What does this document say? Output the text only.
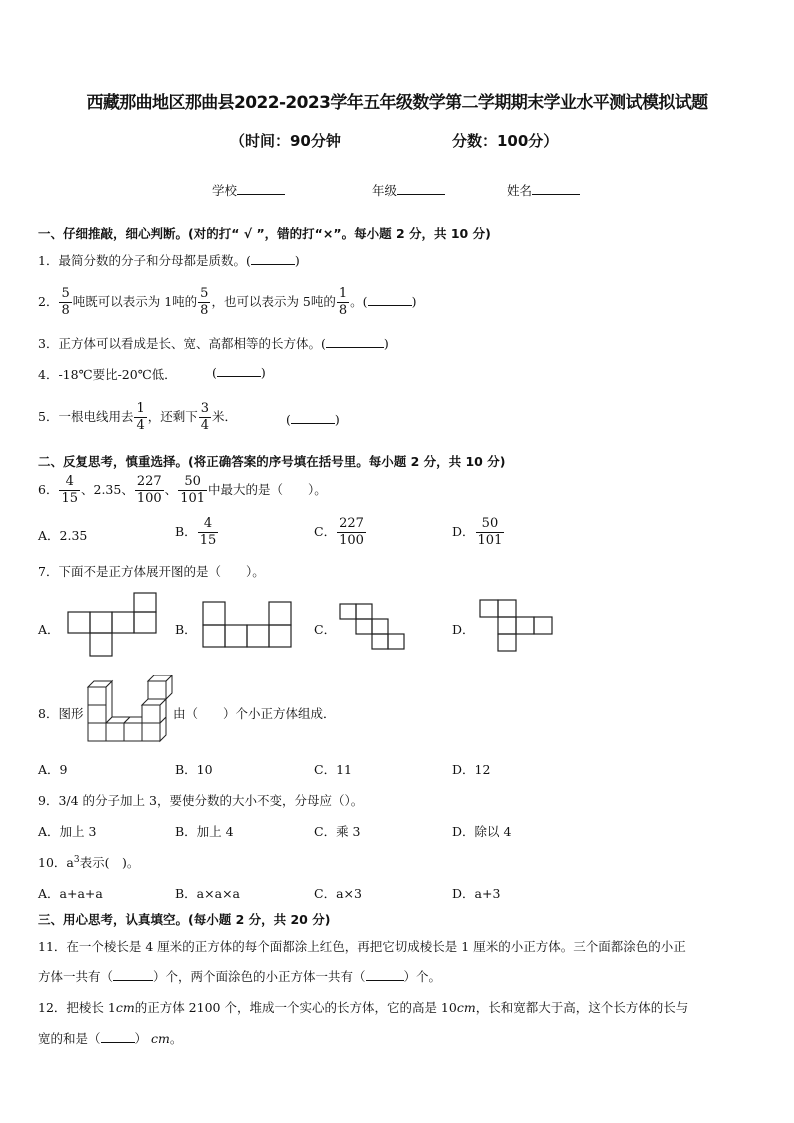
西藏那曲地区那曲县2022-2023学年五年级数学第二学期期末学业水平测试模拟试题
（时间：90分钟	分数：100分）
学校	年级	姓名
一、仔细推敲，细心判断。(对的打“ √ ”，错的打“×”。每小题 2 分，共 10 分)
1．最简分数的分子和分母都是质数。(	)
2． $\frac{5}{8}$ 吨既可以表示为 1吨的 $\frac{5}{8}$ ，也可以表示为 5吨的 $\frac{1}{8}$ 。(	)
3．正方体可以看成是长、宽、高都相等的长方体。(	)
4．-18℃要比-20℃低．	(	)
5．一根电线用去 $\frac{1}{4}$ ，还剩下 $\frac{3}{4}$ 米．	(	)
二、反复思考，慎重选择。(将正确答案的序号填在括号里。每小题 2 分，共 10 分)
6． $\frac{4}{15}$ 、2.35、 $\frac{227}{100}$ 、 $\frac{50}{101}$ 中最大的是（　　）。
A．2.35	B． $\frac{4}{15}$	C． $\frac{227}{100}$	D． $\frac{50}{101}$
7．下面不是正方体展开图的是（　　）。
A．	B．	C．	D．
8．图形	由（　　）个小正方体组成．
A．9	B．10	C．11	D．12
9．3/4 的分子加上 3，要使分数的大小不变，分母应（）。
A．加上 3	B．加上 4	C．乘 3	D．除以 4
10．$a^3$表示(　)。
A．a+a+a	B．a×a×a	C．a×3	D．a+3
三、用心思考，认真填空。(每小题 2 分，共 20 分)
11．在一个棱长是 4 厘米的正方体的每个面都涂上红色，再把它切成棱长是 1 厘米的小正方体。三个面都涂色的小正
方体一共有（	）个，两个面涂色的小正方体一共有（	）个。
12．把棱长 1cm的正方体 2100 个，堆成一个实心的长方体，它的高是 10cm，长和宽都大于高，这个长方体的长与
宽的和是（	） cm。
